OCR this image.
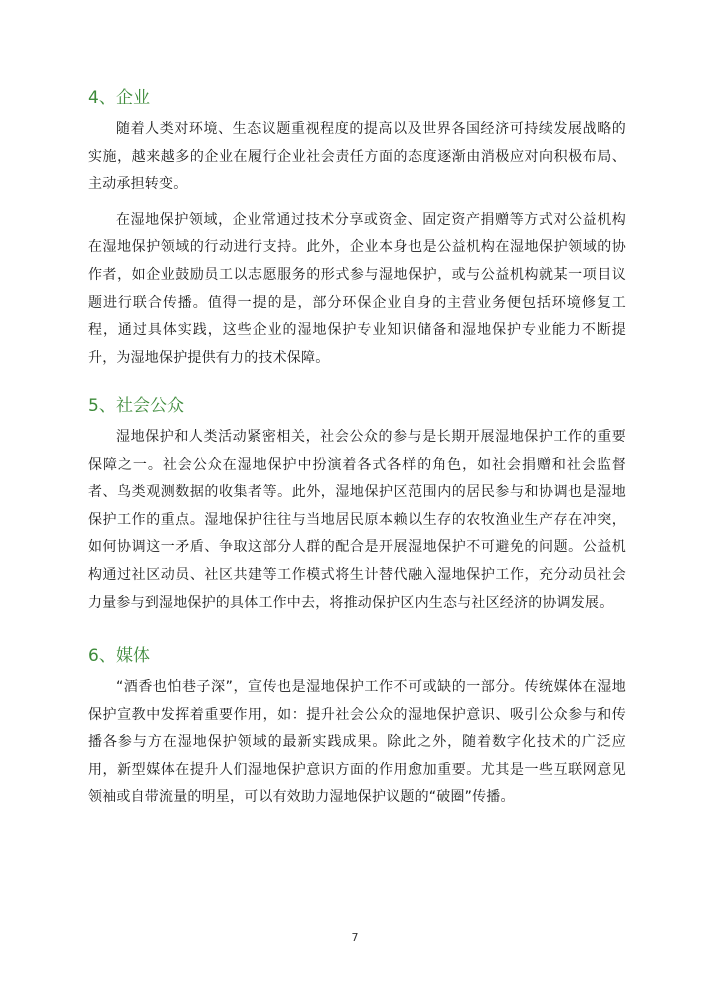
4、企业

随着人类对环境、生态议题重视程度的提高以及世界各国经济可持续发展战略的实施，越来越多的企业在履行企业社会责任方面的态度逐渐由消极应对向积极布局、主动承担转变。

在湿地保护领域，企业常通过技术分享或资金、固定资产捐赠等方式对公益机构在湿地保护领域的行动进行支持。此外，企业本身也是公益机构在湿地保护领域的协作者，如企业鼓励员工以志愿服务的形式参与湿地保护，或与公益机构就某一项目议题进行联合传播。值得一提的是，部分环保企业自身的主营业务便包括环境修复工程，通过具体实践，这些企业的湿地保护专业知识储备和湿地保护专业能力不断提升，为湿地保护提供有力的技术保障。

5、社会公众

湿地保护和人类活动紧密相关，社会公众的参与是长期开展湿地保护工作的重要保障之一。社会公众在湿地保护中扮演着各式各样的角色，如社会捐赠和社会监督者、鸟类观测数据的收集者等。此外，湿地保护区范围内的居民参与和协调也是湿地保护工作的重点。湿地保护往往与当地居民原本赖以生存的农牧渔业生产存在冲突，如何协调这一矛盾、争取这部分人群的配合是开展湿地保护不可避免的问题。公益机构通过社区动员、社区共建等工作模式将生计替代融入湿地保护工作，充分动员社会力量参与到湿地保护的具体工作中去，将推动保护区内生态与社区经济的协调发展。

6、媒体

“酒香也怕巷子深”，宣传也是湿地保护工作不可或缺的一部分。传统媒体在湿地保护宣教中发挥着重要作用，如：提升社会公众的湿地保护意识、吸引公众参与和传播各参与方在湿地保护领域的最新实践成果。除此之外，随着数字化技术的广泛应用，新型媒体在提升人们湿地保护意识方面的作用愈加重要。尤其是一些互联网意见领袖或自带流量的明星，可以有效助力湿地保护议题的“破圈”传播。

7
